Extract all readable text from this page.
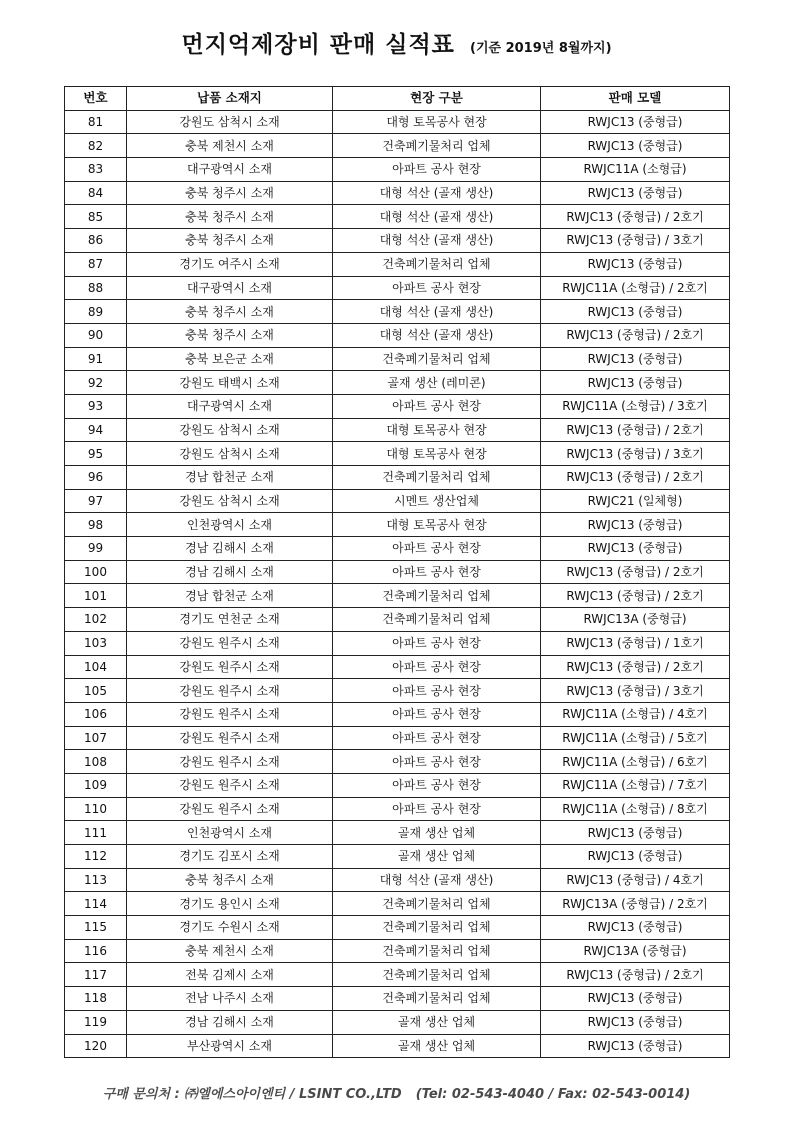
먼지억제장비 판매 실적표 (기준 2019년 8월까지)
번호	납품 소재지	현장 구분	판매 모델
81	강원도 삼척시 소재	대형 토목공사 현장	RWJC13 (중형급)
82	충북 제천시 소재	건축폐기물처리 업체	RWJC13 (중형급)
83	대구광역시 소재	아파트 공사 현장	RWJC11A (소형급)
84	충북 청주시 소재	대형 석산 (골재 생산)	RWJC13 (중형급)
85	충북 청주시 소재	대형 석산 (골재 생산)	RWJC13 (중형급) / 2호기
86	충북 청주시 소재	대형 석산 (골재 생산)	RWJC13 (중형급) / 3호기
87	경기도 여주시 소재	건축폐기물처리 업체	RWJC13 (중형급)
88	대구광역시 소재	아파트 공사 현장	RWJC11A (소형급) / 2호기
89	충북 청주시 소재	대형 석산 (골재 생산)	RWJC13 (중형급)
90	충북 청주시 소재	대형 석산 (골재 생산)	RWJC13 (중형급) / 2호기
91	충북 보은군 소재	건축폐기물처리 업체	RWJC13 (중형급)
92	강원도 태백시 소재	골재 생산 (레미콘)	RWJC13 (중형급)
93	대구광역시 소재	아파트 공사 현장	RWJC11A (소형급) / 3호기
94	강원도 삼척시 소재	대형 토목공사 현장	RWJC13 (중형급) / 2호기
95	강원도 삼척시 소재	대형 토목공사 현장	RWJC13 (중형급) / 3호기
96	경남 합천군 소재	건축폐기물처리 업체	RWJC13 (중형급) / 2호기
97	강원도 삼척시 소재	시멘트 생산업체	RWJC21 (일체형)
98	인천광역시 소재	대형 토목공사 현장	RWJC13 (중형급)
99	경남 김해시 소재	아파트 공사 현장	RWJC13 (중형급)
100	경남 김해시 소재	아파트 공사 현장	RWJC13 (중형급) / 2호기
101	경남 합천군 소재	건축폐기물처리 업체	RWJC13 (중형급) / 2호기
102	경기도 연천군 소재	건축폐기물처리 업체	RWJC13A (중형급)
103	강원도 원주시 소재	아파트 공사 현장	RWJC13 (중형급) / 1호기
104	강원도 원주시 소재	아파트 공사 현장	RWJC13 (중형급) / 2호기
105	강원도 원주시 소재	아파트 공사 현장	RWJC13 (중형급) / 3호기
106	강원도 원주시 소재	아파트 공사 현장	RWJC11A (소형급) / 4호기
107	강원도 원주시 소재	아파트 공사 현장	RWJC11A (소형급) / 5호기
108	강원도 원주시 소재	아파트 공사 현장	RWJC11A (소형급) / 6호기
109	강원도 원주시 소재	아파트 공사 현장	RWJC11A (소형급) / 7호기
110	강원도 원주시 소재	아파트 공사 현장	RWJC11A (소형급) / 8호기
111	인천광역시 소재	골재 생산 업체	RWJC13 (중형급)
112	경기도 김포시 소재	골재 생산 업체	RWJC13 (중형급)
113	충북 청주시 소재	대형 석산 (골재 생산)	RWJC13 (중형급) / 4호기
114	경기도 용인시 소재	건축폐기물처리 업체	RWJC13A (중형급) / 2호기
115	경기도 수원시 소재	건축폐기물처리 업체	RWJC13 (중형급)
116	충북 제천시 소재	건축폐기물처리 업체	RWJC13A (중형급)
117	전북 김제시 소재	건축폐기물처리 업체	RWJC13 (중형급) / 2호기
118	전남 나주시 소재	건축폐기물처리 업체	RWJC13 (중형급)
119	경남 김해시 소재	골재 생산 업체	RWJC13 (중형급)
120	부산광역시 소재	골재 생산 업체	RWJC13 (중형급)
구매 문의처 : ㈜엘에스아이엔티 / LSINT CO.,LTD (Tel: 02-543-4040 / Fax: 02-543-0014)
